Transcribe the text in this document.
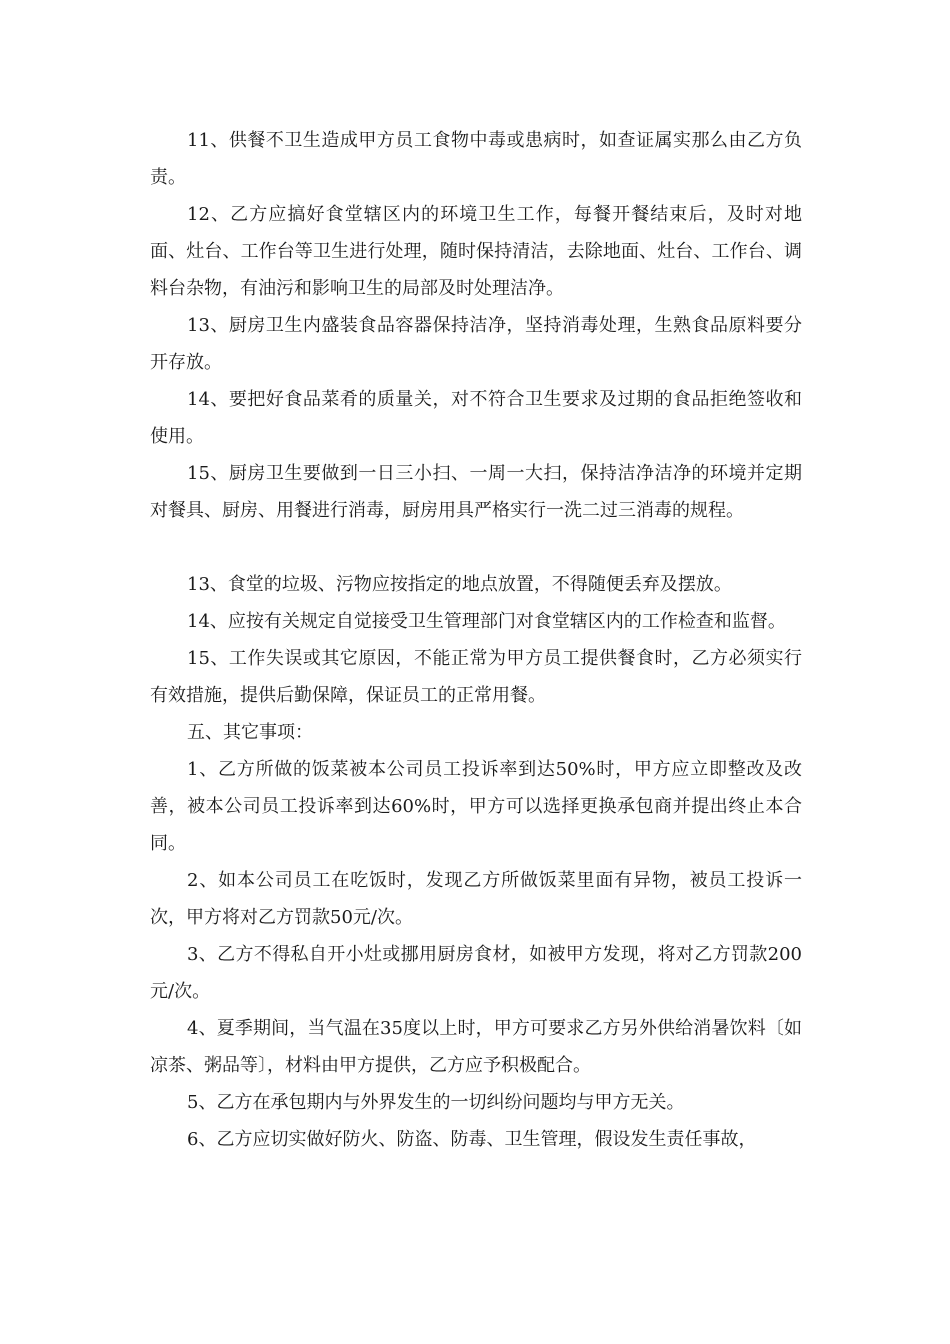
11、供餐不卫生造成甲方员工食物中毒或患病时，如查证属实那么由乙方负责。

12、乙方应搞好食堂辖区内的环境卫生工作，每餐开餐结束后，及时对地面、灶台、工作台等卫生进行处理，随时保持清洁，去除地面、灶台、工作台、调料台杂物，有油污和影响卫生的局部及时处理洁净。

13、厨房卫生内盛装食品容器保持洁净，坚持消毒处理，生熟食品原料要分开存放。

14、要把好食品菜肴的质量关，对不符合卫生要求及过期的食品拒绝签收和使用。

15、厨房卫生要做到一日三小扫、一周一大扫，保持洁净洁净的环境并定期对餐具、厨房、用餐进行消毒，厨房用具严格实行一洗二过三消毒的规程。

13、食堂的垃圾、污物应按指定的地点放置，不得随便丢弃及摆放。

14、应按有关规定自觉接受卫生管理部门对食堂辖区内的工作检查和监督。

15、工作失误或其它原因，不能正常为甲方员工提供餐食时，乙方必须实行有效措施，提供后勤保障，保证员工的正常用餐。

五、其它事项：

1、乙方所做的饭菜被本公司员工投诉率到达50%时，甲方应立即整改及改善，被本公司员工投诉率到达60%时，甲方可以选择更换承包商并提出终止本合同。

2、如本公司员工在吃饭时，发现乙方所做饭菜里面有异物，被员工投诉一次，甲方将对乙方罚款50元/次。

3、乙方不得私自开小灶或挪用厨房食材，如被甲方发现，将对乙方罚款200元/次。

4、夏季期间，当气温在35度以上时，甲方可要求乙方另外供给消暑饮料〔如凉茶、粥品等〕，材料由甲方提供，乙方应予积极配合。

5、乙方在承包期内与外界发生的一切纠纷问题均与甲方无关。

6、乙方应切实做好防火、防盗、防毒、卫生管理，假设发生责任事故，
